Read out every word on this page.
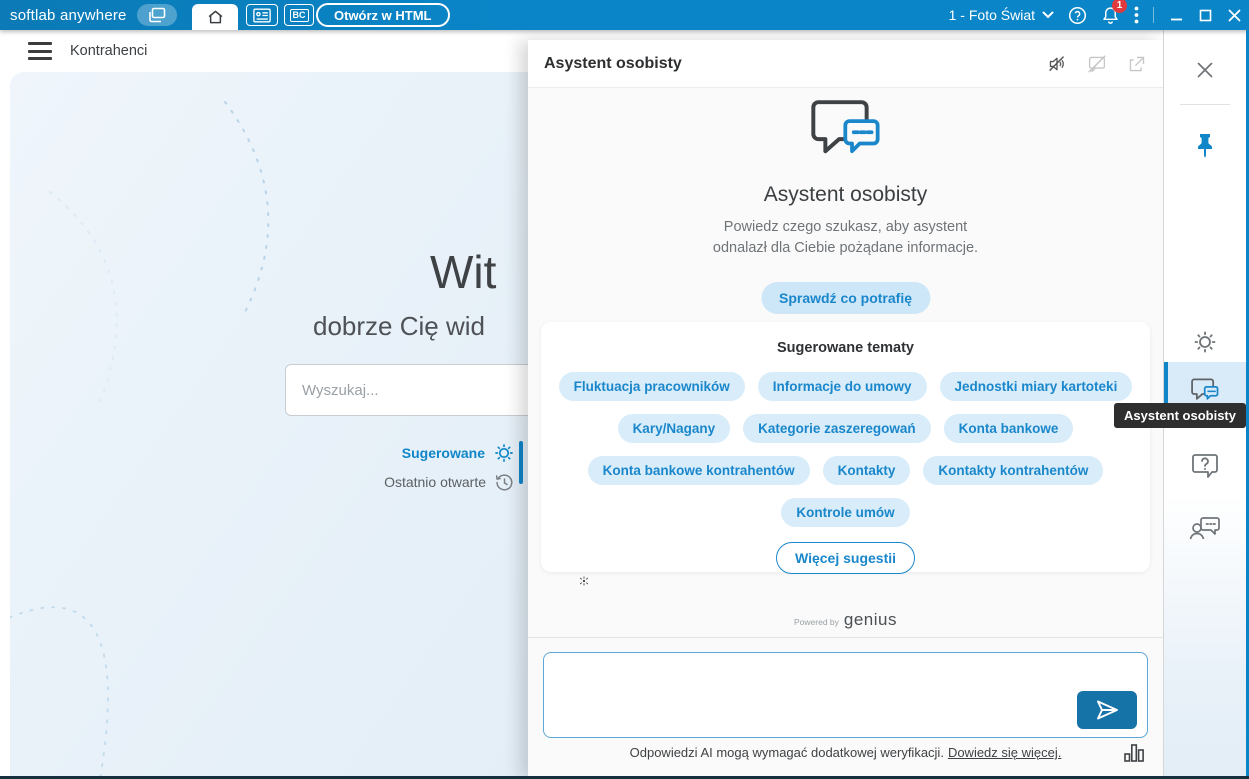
softlab anywhere	BC	Otwórz w HTML	1 - Foto Świat
1
Kontrahenci
Wit
dobrze Cię wid
Wyszukaj...
Sugerowane
Ostatnio otwarte
Asystent osobisty
Asystent osobisty
Powiedz czego szukasz, aby asystent
odnalazł dla Ciebie pożądane informacje.
Sprawdź co potrafię
Sugerowane tematy
Fluktuacja pracowników	Informacje do umowy	Jednostki miary kartoteki
Kary/Nagany	Kategorie zaszeregowań	Konta bankowe
Konta bankowe kontrahentów	Kontakty	Kontakty kontrahentów
Kontrole umów
Więcej sugestii
Powered by genius
Odpowiedzi AI mogą wymagać dodatkowej weryfikacji. Dowiedz się więcej.
Asystent osobisty
